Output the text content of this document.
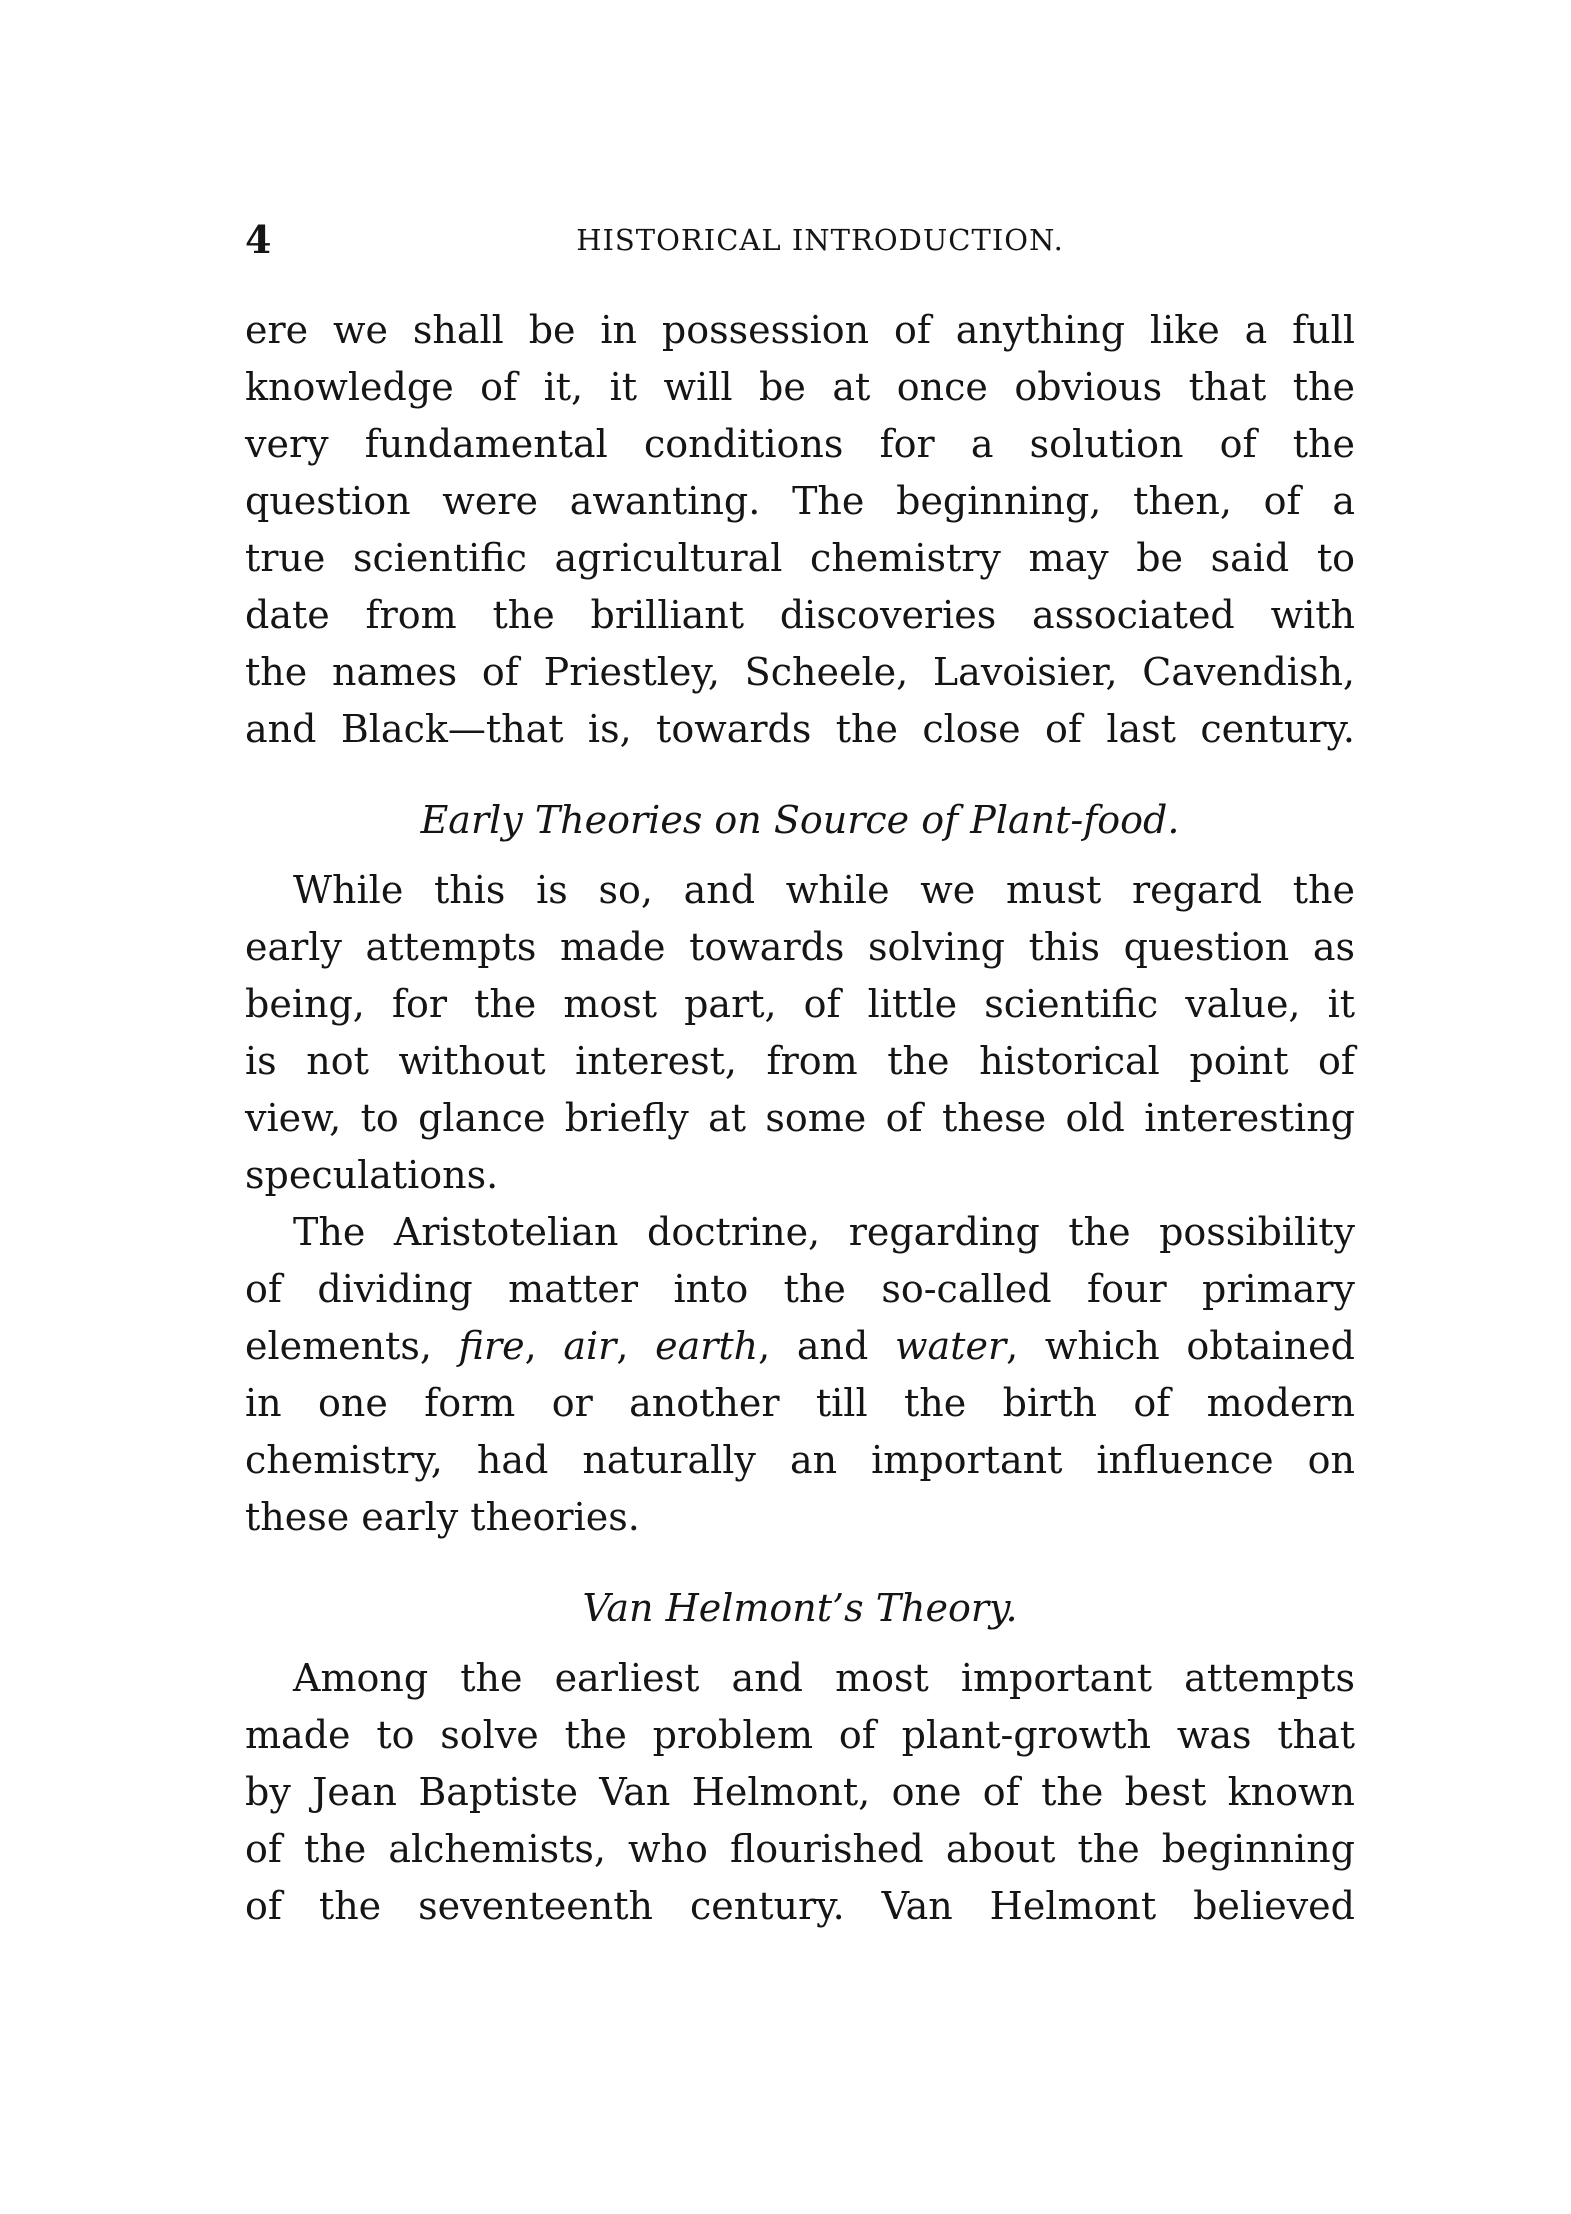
4	HISTORICAL INTRODUCTION.
ere we shall be in possession of anything like a full
knowledge of it, it will be at once obvious that the
very fundamental conditions for a solution of the
question were awanting. The beginning, then, of a
true scientific agricultural chemistry may be said to
date from the brilliant discoveries associated with
the names of Priestley, Scheele, Lavoisier, Cavendish,
and Black—that is, towards the close of last century.
Early Theories on Source of Plant-food.
While this is so, and while we must regard the
early attempts made towards solving this question as
being, for the most part, of little scientific value, it
is not without interest, from the historical point of
view, to glance briefly at some of these old interesting
speculations.
The Aristotelian doctrine, regarding the possibility
of dividing matter into the so-called four primary
elements, fire, air, earth, and water, which obtained
in one form or another till the birth of modern
chemistry, had naturally an important influence on
these early theories.
Van Helmont’s Theory.
Among the earliest and most important attempts
made to solve the problem of plant-growth was that
by Jean Baptiste Van Helmont, one of the best known
of the alchemists, who flourished about the beginning
of the seventeenth century. Van Helmont believed
